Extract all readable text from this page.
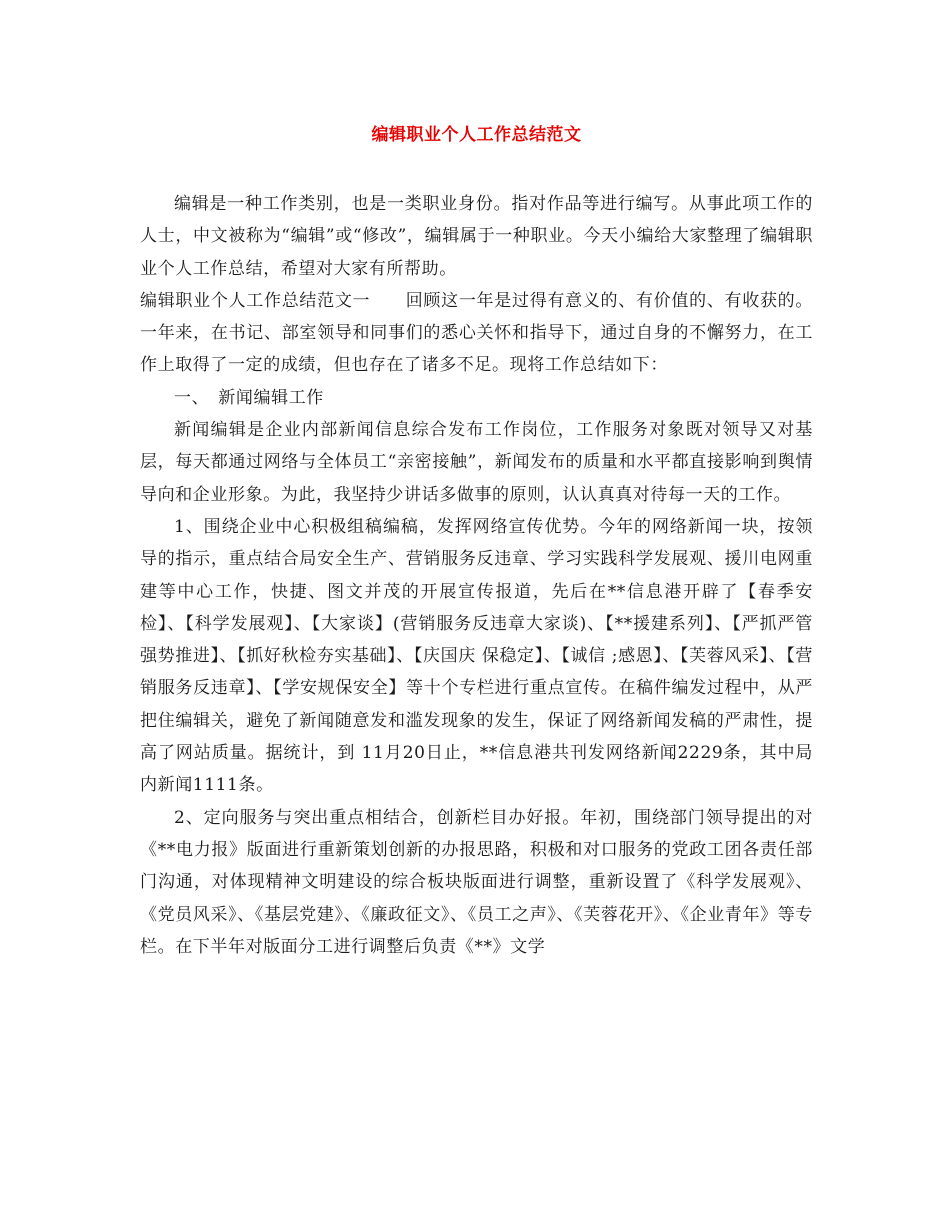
编辑职业个人工作总结范文

编辑是一种工作类别，也是一类职业身份。指对作品等进行编写。从事此项工作的人士，中文被称为“编辑”或“修改”，编辑属于一种职业。今天小编给大家整理了编辑职业个人工作总结，希望对大家有所帮助。

编辑职业个人工作总结范文一　　回顾这一年是过得有意义的、有价值的、有收获的。一年来，在书记、部室领导和同事们的悉心关怀和指导下，通过自身的不懈努力，在工作上取得了一定的成绩，但也存在了诸多不足。现将工作总结如下：

一、　新闻编辑工作

新闻编辑是企业内部新闻信息综合发布工作岗位，工作服务对象既对领导又对基层，每天都通过网络与全体员工“亲密接触”，新闻发布的质量和水平都直接影响到舆情导向和企业形象。为此，我坚持少讲话多做事的原则，认认真真对待每一天的工作。

1、围绕企业中心积极组稿编稿，发挥网络宣传优势。今年的网络新闻一块，按领导的指示，重点结合局安全生产、营销服务反违章、学习实践科学发展观、援川电网重建等中心工作，快捷、图文并茂的开展宣传报道，先后在**信息港开辟了【春季安检】、【科学发展观】、【大家谈】(营销服务反违章大家谈)、【**援建系列】、【严抓严管强势推进】、【抓好秋检夯实基础】、【庆国庆 保稳定】、【诚信 ;感恩】、【芙蓉风采】、【营销服务反违章】、【学安规保安全】等十个专栏进行重点宣传。在稿件编发过程中，从严把住编辑关，避免了新闻随意发和滥发现象的发生，保证了网络新闻发稿的严肃性，提高了网站质量。据统计，到 11月20日止，**信息港共刊发网络新闻2229条，其中局内新闻1111条。

2、定向服务与突出重点相结合，创新栏目办好报。年初，围绕部门领导提出的对《**电力报》版面进行重新策划创新的办报思路，积极和对口服务的党政工团各责任部门沟通，对体现精神文明建设的综合板块版面进行调整，重新设置了《科学发展观》、《党员风采》、《基层党建》、《廉政征文》、《员工之声》、《芙蓉花开》、《企业青年》等专栏。在下半年对版面分工进行调整后负责《**》文学
